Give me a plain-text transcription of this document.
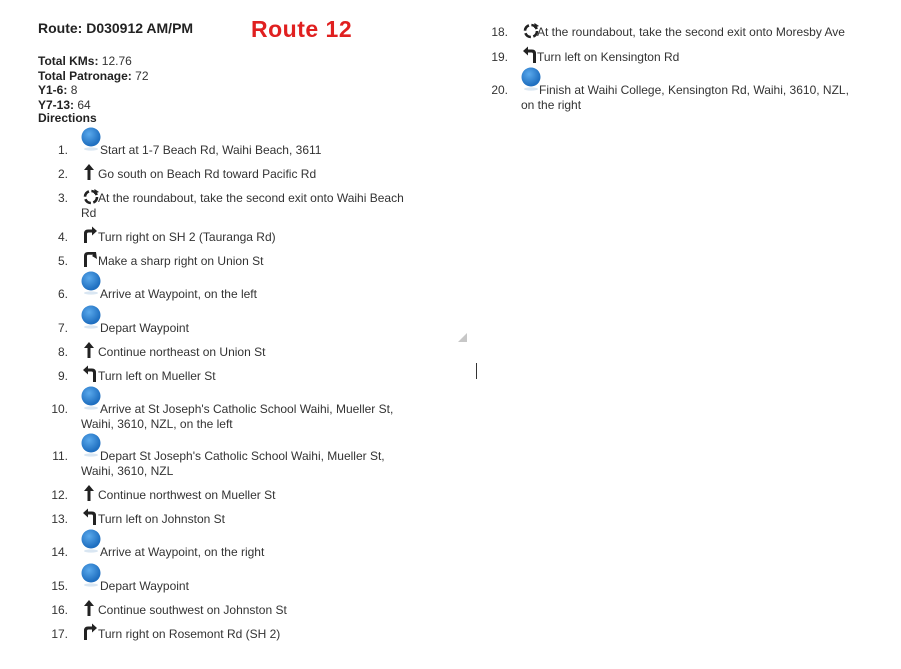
Route: D030912 AM/PM	Route 12
Total KMs: 12.76
Total Patronage: 72
Y1-6: 8
Y7-13: 64
Directions
1.	Start at 1-7 Beach Rd, Waihi Beach, 3611
2.	Go south on Beach Rd toward Pacific Rd
3.	At the roundabout, take the second exit onto Waihi Beach
Rd
4.	Turn right on SH 2 (Tauranga Rd)
5.	Make a sharp right on Union St
6.	Arrive at Waypoint, on the left
7.	Depart Waypoint
8.	Continue northeast on Union St
9.	Turn left on Mueller St
10.	Arrive at St Joseph's Catholic School Waihi, Mueller St,
Waihi, 3610, NZL, on the left
11.	Depart St Joseph's Catholic School Waihi, Mueller St,
Waihi, 3610, NZL
12.	Continue northwest on Mueller St
13.	Turn left on Johnston St
14.	Arrive at Waypoint, on the right
15.	Depart Waypoint
16.	Continue southwest on Johnston St
17.	Turn right on Rosemont Rd (SH 2)
18. At the roundabout, take the second exit onto Moresby Ave
19. Turn left on Kensington Rd
20.	Finish at Waihi College, Kensington Rd, Waihi, 3610, NZL,
on the right
